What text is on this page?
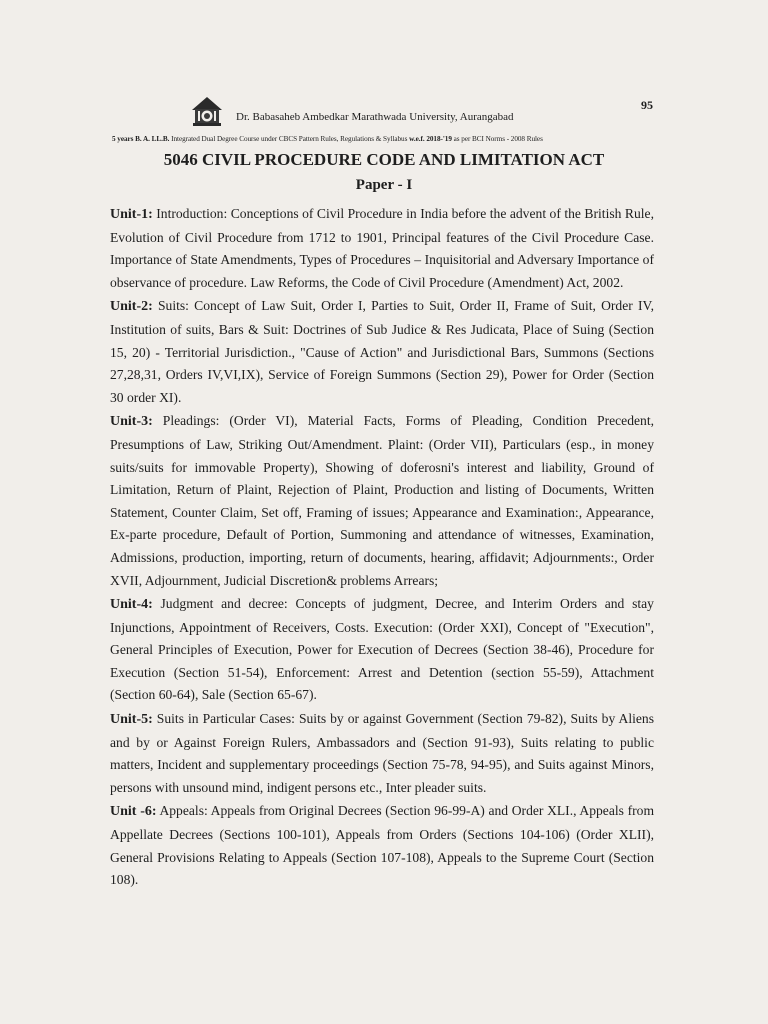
95
Dr. Babasaheb Ambedkar Marathwada University, Aurangabad
5 years B. A. LL.B. Integrated Dual Degree Course under CBCS Pattern Rules, Regulations & Syllabus w.e.f. 2018-'19 as per BCI Norms - 2008 Rules
5046 CIVIL PROCEDURE CODE AND LIMITATION ACT
Paper - I

Unit-1: Introduction: Conceptions of Civil Procedure in India before the advent of the British Rule, Evolution of Civil Procedure from 1712 to 1901, Principal features of the Civil Procedure Case. Importance of State Amendments, Types of Procedures – Inquisitorial and Adversary Importance of observance of procedure. Law Reforms, the Code of Civil Procedure (Amendment) Act, 2002.

Unit-2: Suits: Concept of Law Suit, Order I, Parties to Suit, Order II, Frame of Suit, Order IV, Institution of suits, Bars & Suit: Doctrines of Sub Judice & Res Judicata, Place of Suing (Section 15, 20) - Territorial Jurisdiction., "Cause of Action" and Jurisdictional Bars, Summons (Sections 27,28,31, Orders IV,VI,IX), Service of Foreign Summons (Section 29), Power for Order (Section 30 order XI).

Unit-3: Pleadings: (Order VI), Material Facts, Forms of Pleading, Condition Precedent, Presumptions of Law, Striking Out/Amendment. Plaint: (Order VII), Particulars (esp., in money suits/suits for immovable Property), Showing of doferosni's interest and liability, Ground of Limitation, Return of Plaint, Rejection of Plaint, Production and listing of Documents, Written Statement, Counter Claim, Set off, Framing of issues; Appearance and Examination:, Appearance, Ex-parte procedure, Default of Portion, Summoning and attendance of witnesses, Examination, Admissions, production, importing, return of documents, hearing, affidavit; Adjournments:, Order XVII, Adjournment, Judicial Discretion& problems Arrears;

Unit-4: Judgment and decree: Concepts of judgment, Decree, and Interim Orders and stay Injunctions, Appointment of Receivers, Costs. Execution: (Order XXI), Concept of "Execution", General Principles of Execution, Power for Execution of Decrees (Section 38-46), Procedure for Execution (Section 51-54), Enforcement: Arrest and Detention (section 55-59), Attachment (Section 60-64), Sale (Section 65-67).

Unit-5: Suits in Particular Cases: Suits by or against Government (Section 79-82), Suits by Aliens and by or Against Foreign Rulers, Ambassadors and (Section 91-93), Suits relating to public matters, Incident and supplementary proceedings (Section 75-78, 94-95), and Suits against Minors, persons with unsound mind, indigent persons etc., Inter pleader suits.

Unit -6: Appeals: Appeals from Original Decrees (Section 96-99-A) and Order XLI., Appeals from Appellate Decrees (Sections 100-101), Appeals from Orders (Sections 104-106) (Order XLII), General Provisions Relating to Appeals (Section 107-108), Appeals to the Supreme Court (Section 108).
